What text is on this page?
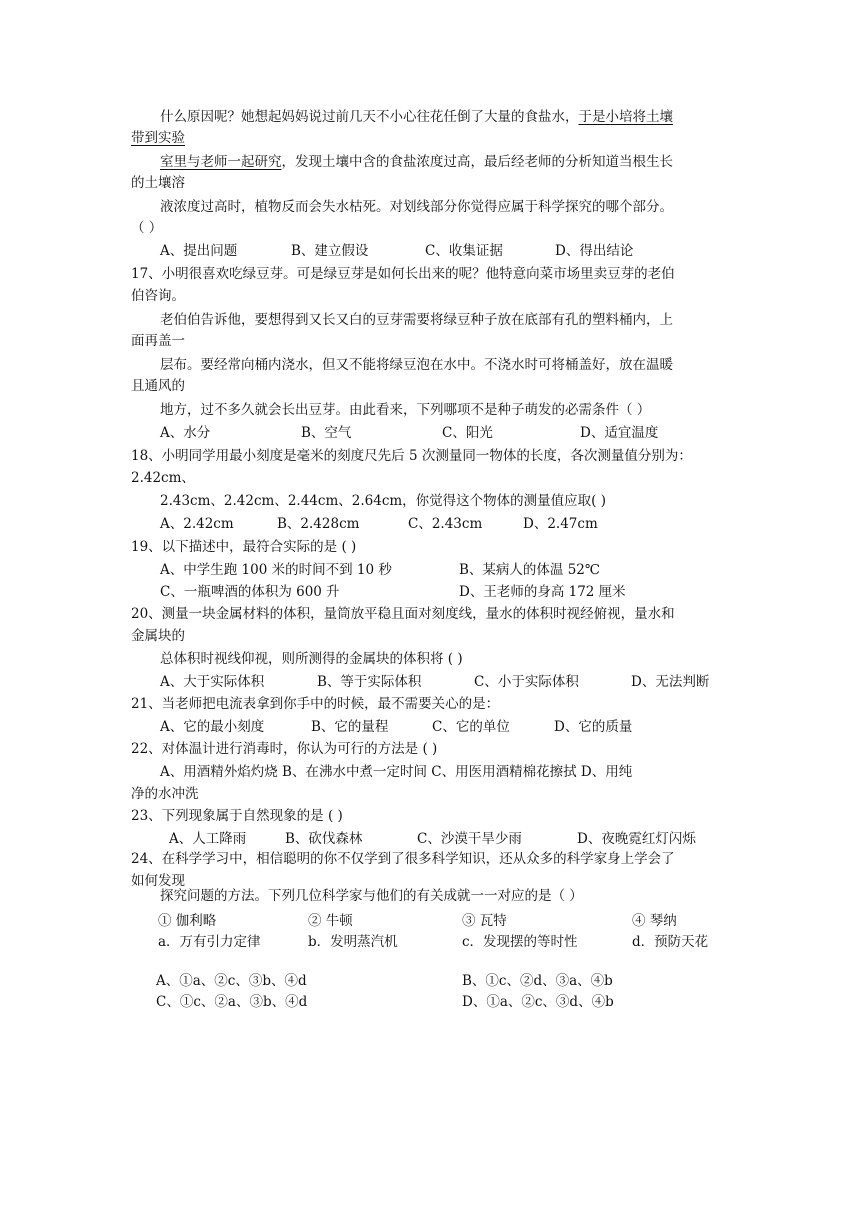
什么原因呢？她想起妈妈说过前几天不小心往花任倒了大量的食盐水，于是小培将土壤
带到实验
室里与老师一起研究，发现土壤中含的食盐浓度过高，最后经老师的分析知道当根生长
的土壤溶
液浓度过高时，植物反而会失水枯死。对划线部分你觉得应属于科学探究的哪个部分。
（ ）
A、提出问题	B、建立假设	C、收集证据	D、得出结论
17、小明很喜欢吃绿豆芽。可是绿豆芽是如何长出来的呢？他特意向菜市场里卖豆芽的老伯
伯咨询。
老伯伯告诉他，要想得到又长又白的豆芽需要将绿豆种子放在底部有孔的塑料桶内，上
面再盖一
层布。要经常向桶内浇水，但又不能将绿豆泡在水中。不浇水时可将桶盖好，放在温暖
且通风的
地方，过不多久就会长出豆芽。由此看来，下列哪项不是种子萌发的必需条件（ ）
A、水分	B、空气	C、阳光	D、适宜温度
18、小明同学用最小刻度是毫米的刻度尺先后 5 次测量同一物体的长度，各次测量值分别为：
2.42cm、
2.43cm、2.42cm、2.44cm、2.64cm，你觉得这个物体的测量值应取( )
A、2.42cm	B、2.428cm	C、2.43cm	D、2.47cm
19、以下描述中，最符合实际的是 ( )
A、中学生跑 100 米的时间不到 10 秒	B、某病人的体温 52℃
C、一瓶啤酒的体积为 600 升	D、王老师的身高 172 厘米
20、测量一块金属材料的体积，量筒放平稳且面对刻度线，量水的体积时视经俯视，量水和
金属块的
总体积时视线仰视，则所测得的金属块的体积将 ( )
A、大于实际体积	B、等于实际体积	C、小于实际体积	D、无法判断
21、当老师把电流表拿到你手中的时候，最不需要关心的是：
A、它的最小刻度	B、它的量程	C、它的单位	D、它的质量
22、对体温计进行消毒时，你认为可行的方法是 ( )
A、用酒精外焰灼烧 B、在沸水中煮一定时间 C、用医用酒精棉花擦拭 D、用纯
净的水冲洗
23、下列现象属于自然现象的是 ( )
A、人工降雨	B、砍伐森林	C、沙漠干旱少雨	D、夜晚霓红灯闪烁
24、在科学学习中，相信聪明的你不仅学到了很多科学知识，还从众多的科学家身上学会了
如何发现
探究问题的方法。下列几位科学家与他们的有关成就一一对应的是（ ）
① 伽利略	② 牛顿	③ 瓦特	④ 琴纳
a．万有引力定律	b．发明蒸汽机	c．发现摆的等时性	d．预防天花
A、①a、②c、③b、④d	B、①c、②d、③a、④b
C、①c、②a、③b、④d	D、①a、②c、③d、④b
